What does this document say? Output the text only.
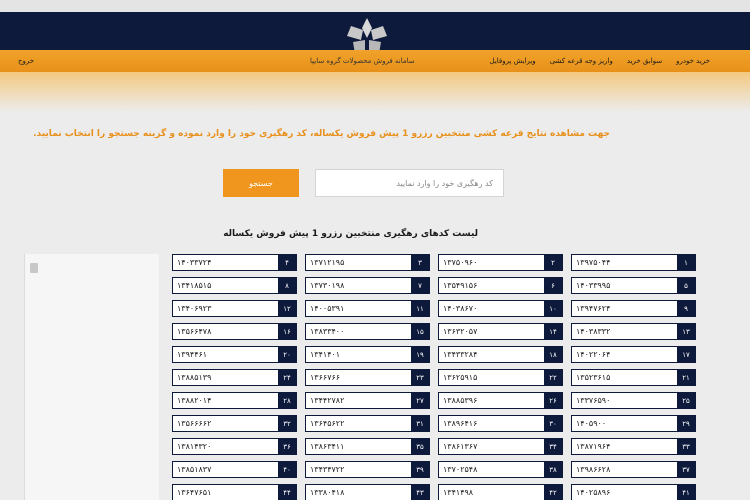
خرید خودرو
سوابق خرید
واریز وجه قرعه کشی
ویرایش پروفایل
سامانه فروش محصولات گروه سایپا
خروج
جهت مشاهده نتایج قرعه کشی منتخبین رزرو 1 پیش فروش یکساله، کد رهگیری خود را وارد نموده و گزینه جستجو را انتخاب نمایید.
کد رهگیری خود را وارد نمایید
جستجو
لیست کدهای رهگیری منتخبین رزرو 1 پیش فروش یکساله
۱
۱۳۹۷۵۰۴۴
۲
۱۳۷۵۰۹۶۰
۳
۱۳۷۱۲۱۹۵
۴
۱۴۰۳۳۷۲۴
۵
۱۴۰۳۳۹۹۵
۶
۱۳۵۴۹۱۵۶
۷
۱۳۷۳۰۱۹۸
۸
۱۳۴۱۸۵۱۵
۹
۱۳۹۴۷۶۲۴
۱۰
۱۴۰۳۸۶۷۰
۱۱
۱۴۰۰۵۳۹۱
۱۲
۱۳۴۰۶۹۲۳
۱۳
۱۴۰۳۸۳۳۲
۱۴
۱۳۶۳۲۰۵۷
۱۵
۱۳۸۳۳۴۰۰
۱۶
۱۳۵۶۶۴۷۸
۱۷
۱۴۰۲۲۰۶۴
۱۸
۱۳۴۳۳۲۸۴
۱۹
۱۳۴۱۴۰۱
۲۰
۱۳۹۴۴۶۱
۲۱
۱۳۵۲۳۶۱۵
۲۲
۱۳۶۲۵۹۱۵
۲۳
۱۳۶۶۷۶۶
۲۴
۱۳۸۸۵۱۳۹
۲۵
۱۳۳۷۶۵۹۰
۲۶
۱۳۸۸۵۳۹۶
۲۷
۱۳۴۴۲۷۸۲
۲۸
۱۳۸۸۲۰۱۴
۲۹
۱۴۰۵۹۰۰
۳۰
۱۳۸۹۶۴۱۶
۳۱
۱۳۶۴۵۶۲۲
۳۲
۱۳۵۶۶۶۶۲
۳۳
۱۳۸۷۱۹۶۴
۳۴
۱۳۸۶۱۳۶۷
۳۵
۱۳۸۶۳۴۱۱
۳۶
۱۳۸۱۴۳۲۰
۳۷
۱۳۹۸۶۶۲۸
۳۸
۱۳۷۰۲۵۴۸
۳۹
۱۳۴۳۴۷۲۲
۴۰
۱۳۸۵۱۸۳۷
۴۱
۱۴۰۲۵۸۹۶
۴۲
۱۳۴۱۴۹۸
۴۳
۱۳۳۸۰۴۱۸
۴۴
۱۳۶۴۷۶۵۱
